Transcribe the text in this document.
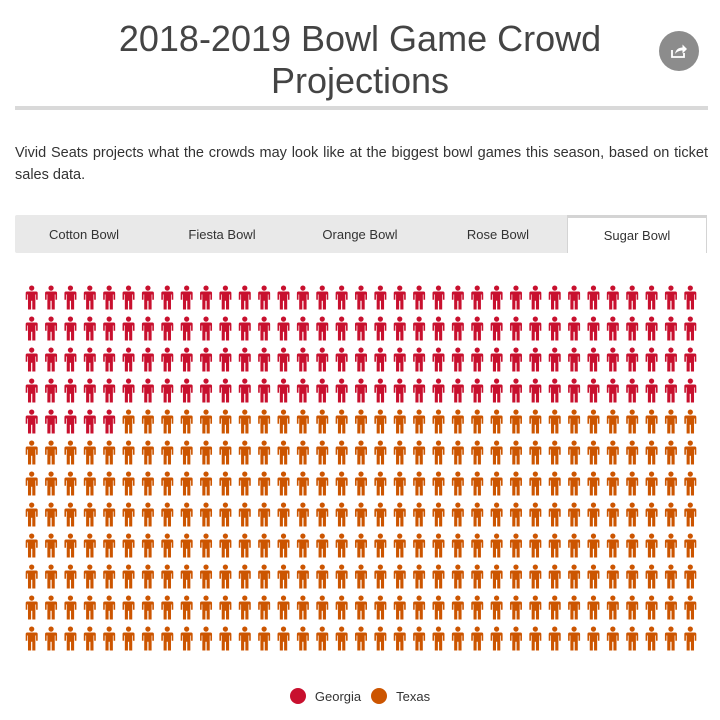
2018-2019 Bowl Game Crowd
Projections

Vivid Seats projects what the crowds may look like at the biggest bowl games this season, based on ticket sales data.

Cotton Bowl	Fiesta Bowl	Orange Bowl	Rose Bowl	Sugar Bowl
Georgia	Texas
